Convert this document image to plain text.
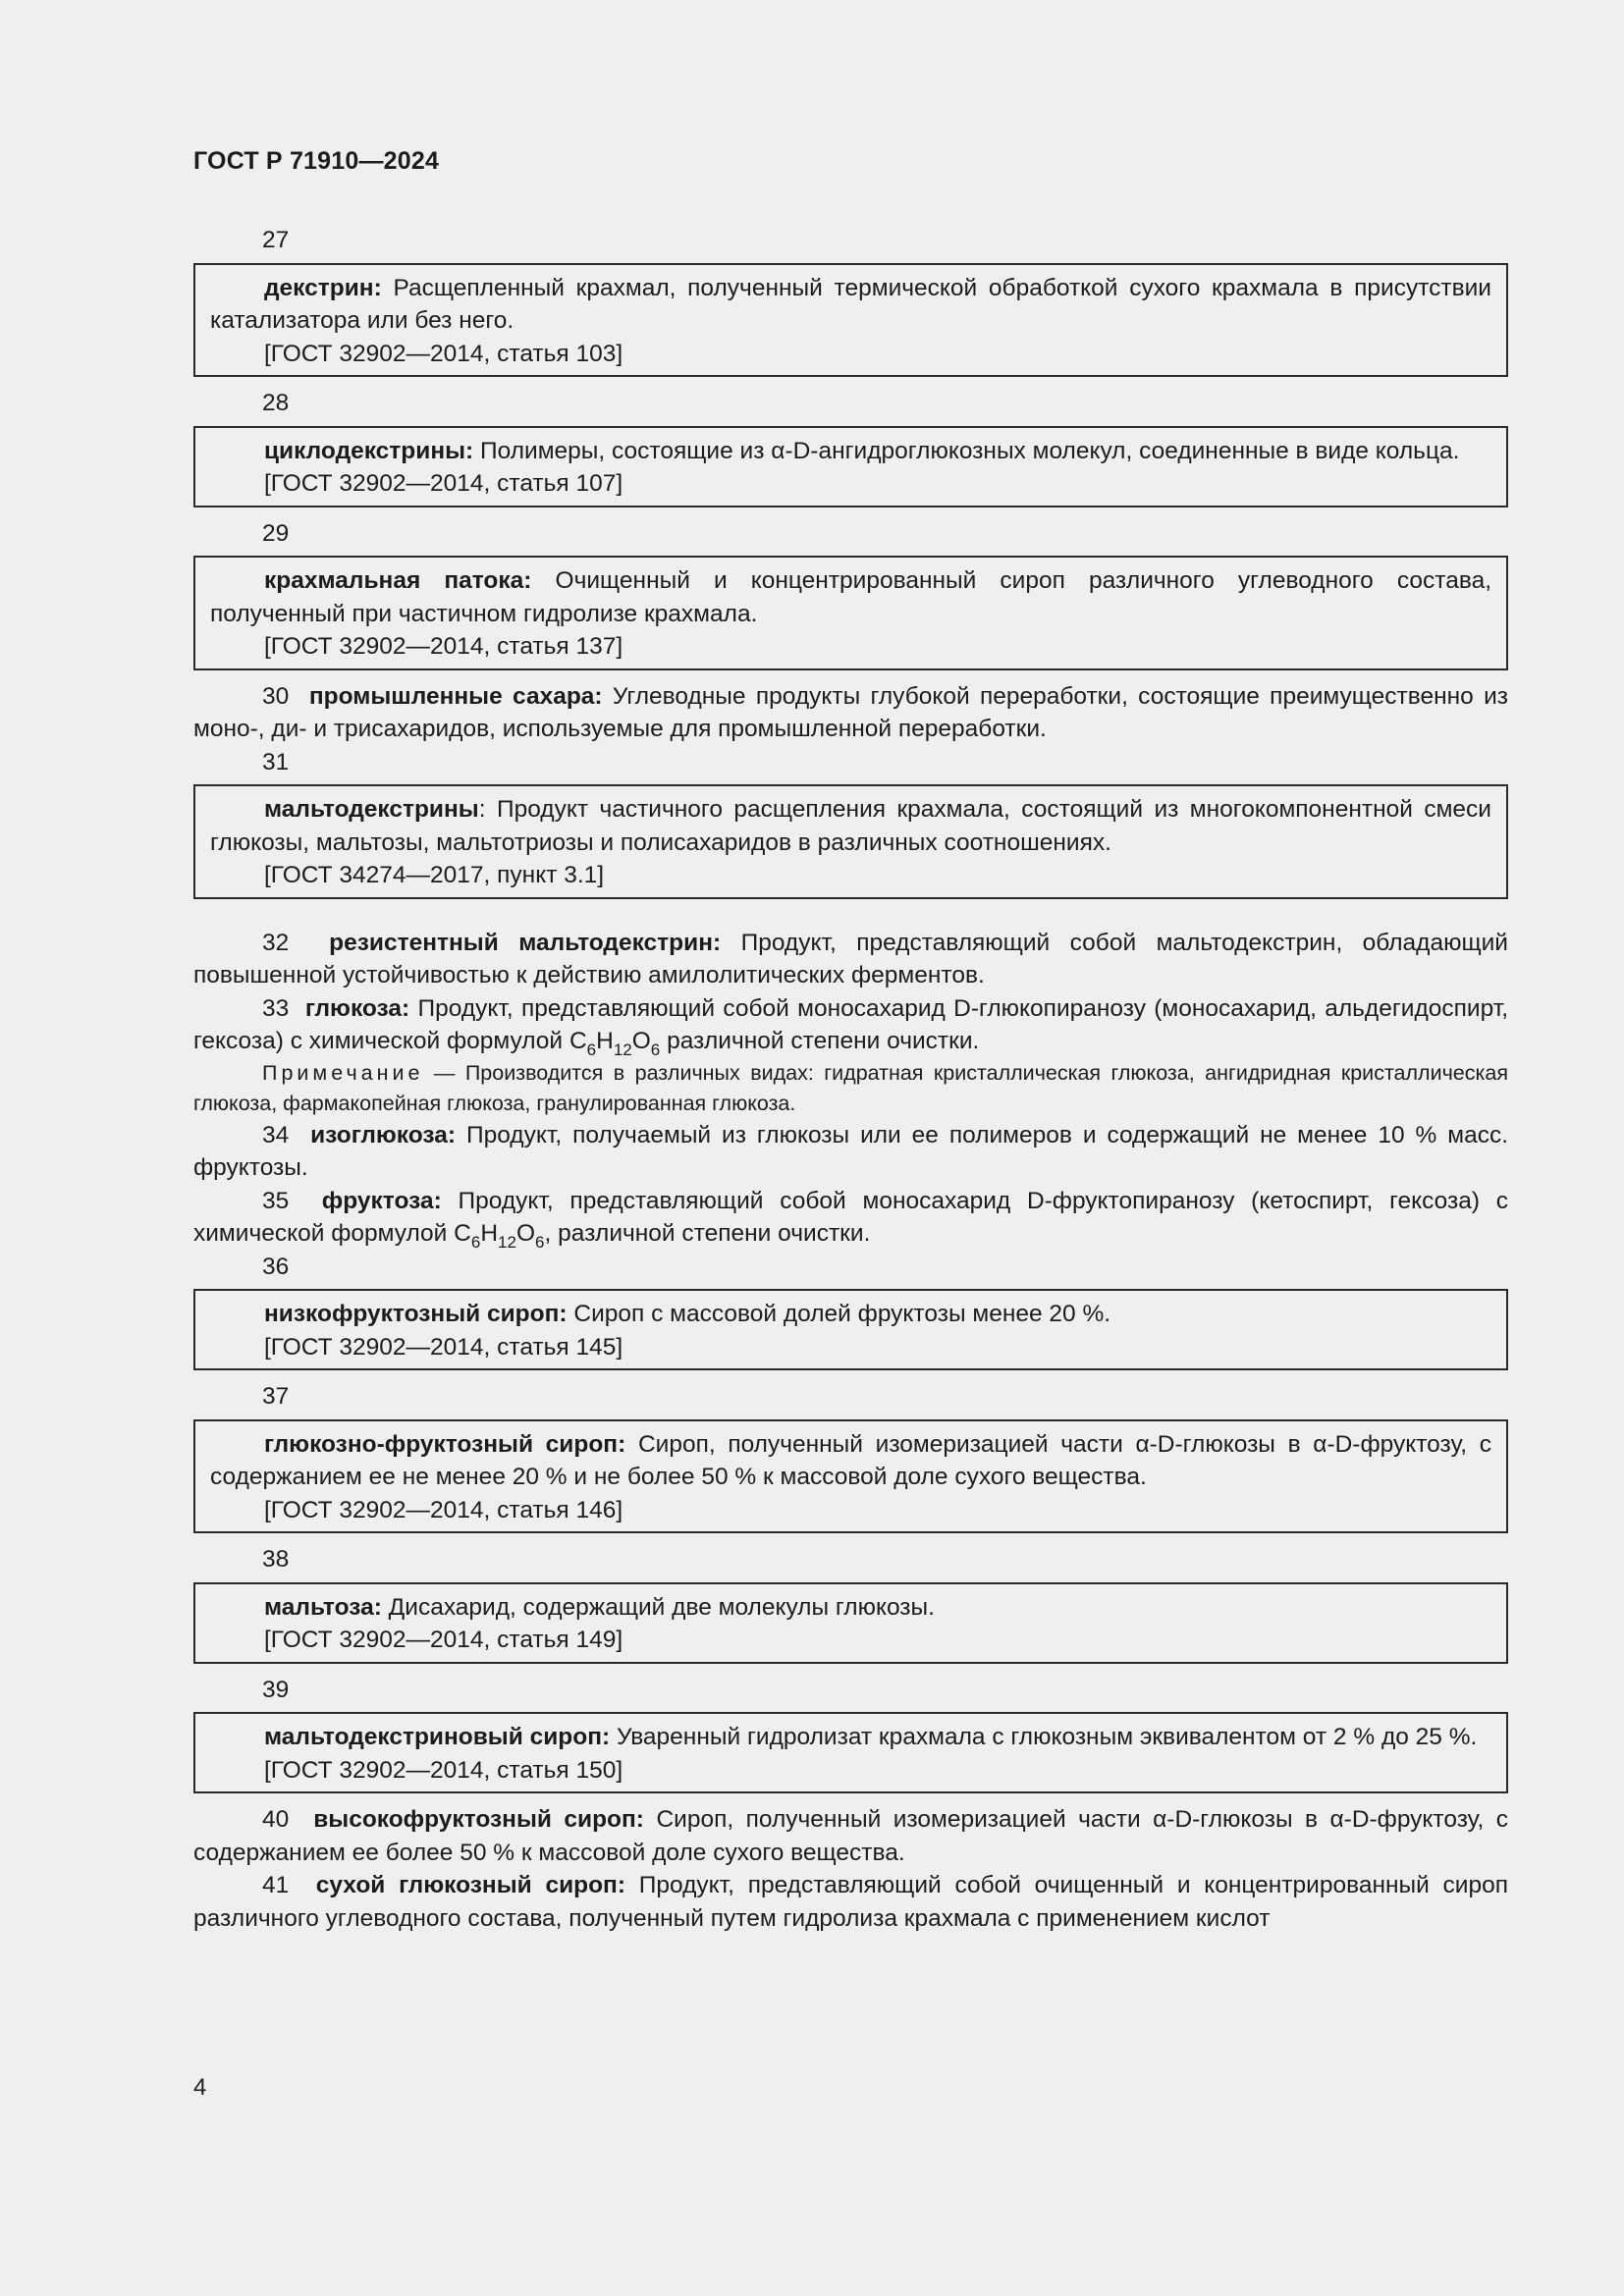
ГОСТ Р 71910—2024
27

декстрин: Расщепленный крахмал, полученный термической обработкой сухого крахмала в присутствии катализатора или без него.

[ГОСТ 32902—2014, статья 103]

28

циклодекстрины: Полимеры, состоящие из α-D-ангидроглюкозных молекул, соединенные в виде кольца.

[ГОСТ 32902—2014, статья 107]

29

крахмальная патока: Очищенный и концентрированный сироп различного углеводного состава, полученный при частичном гидролизе крахмала.

[ГОСТ 32902—2014, статья 137]

30 промышленные сахара: Углеводные продукты глубокой переработки, состоящие преимущественно из моно-, ди- и трисахаридов, используемые для промышленной переработки.

31

мальтодекстрины: Продукт частичного расщепления крахмала, состоящий из многокомпонентной смеси глюкозы, мальтозы, мальтотриозы и полисахаридов в различных соотношениях.

[ГОСТ 34274—2017, пункт 3.1]

32 резистентный мальтодекстрин: Продукт, представляющий собой мальтодекстрин, обладающий повышенной устойчивостью к действию амилолитических ферментов.

33 глюкоза: Продукт, представляющий собой моносахарид D-глюкопиранозу (моносахарид, альдегидоспирт, гексоза) с химической формулой $C_6H_{12}O_6$ различной степени очистки.

Примечание — Производится в различных видах: гидратная кристаллическая глюкоза, ангидридная кристаллическая глюкоза, фармакопейная глюкоза, гранулированная глюкоза.

34 изоглюкоза: Продукт, получаемый из глюкозы или ее полимеров и содержащий не менее 10 % масс. фруктозы.

35 фруктоза: Продукт, представляющий собой моносахарид D-фруктопиранозу (кетоспирт, гексоза) с химической формулой $C_6H_{12}O_6$, различной степени очистки.

36

низкофруктозный сироп: Сироп с массовой долей фруктозы менее 20 %.

[ГОСТ 32902—2014, статья 145]

37

глюкозно-фруктозный сироп: Сироп, полученный изомеризацией части α-D-глюкозы в α-D-фруктозу, с содержанием ее не менее 20 % и не более 50 % к массовой доле сухого вещества.

[ГОСТ 32902—2014, статья 146]

38

мальтоза: Дисахарид, содержащий две молекулы глюкозы.

[ГОСТ 32902—2014, статья 149]

39

мальтодекстриновый сироп: Уваренный гидролизат крахмала с глюкозным эквивалентом от 2 % до 25 %.

[ГОСТ 32902—2014, статья 150]

40 высокофруктозный сироп: Сироп, полученный изомеризацией части α-D-глюкозы в α-D-фруктозу, с содержанием ее более 50 % к массовой доле сухого вещества.

41 сухой глюкозный сироп: Продукт, представляющий собой очищенный и концентрированный сироп различного углеводного состава, полученный путем гидролиза крахмала с применением кислот

4
